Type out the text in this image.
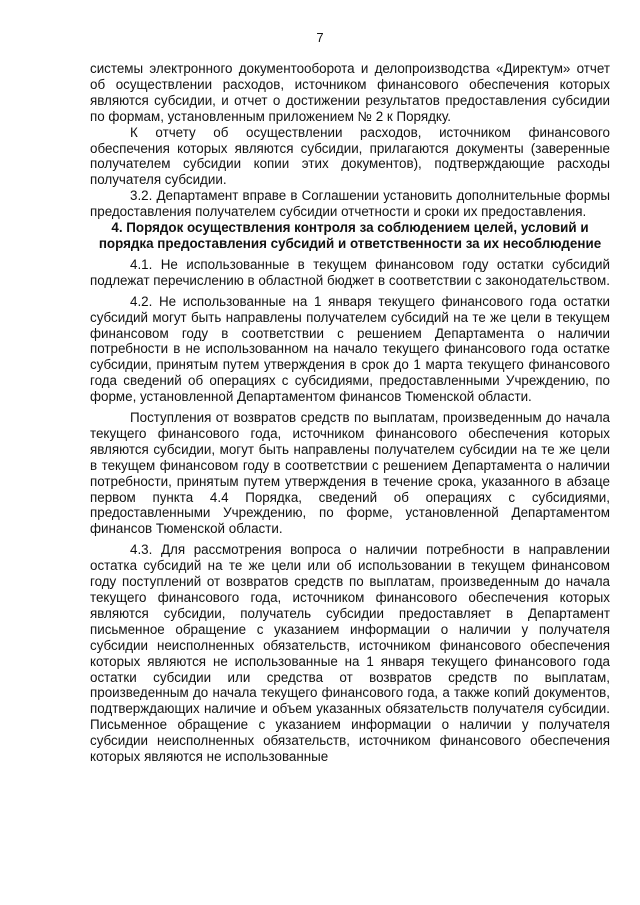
7

системы электронного документооборота и делопроизводства «Директум» отчет об осуществлении расходов, источником финансового обеспечения которых являются субсидии, и отчет о достижении результатов предоставления субсидии по формам, установленным приложением № 2 к Порядку.

К отчету об осуществлении расходов, источником финансового обеспечения которых являются субсидии, прилагаются документы (заверенные получателем субсидии копии этих документов), подтверждающие расходы получателя субсидии.

3.2. Департамент вправе в Соглашении установить дополнительные формы предоставления получателем субсидии отчетности и сроки их предоставления.

4. Порядок осуществления контроля за соблюдением целей, условий и порядка предоставления субсидий и ответственности за их несоблюдение

4.1. Не использованные в текущем финансовом году остатки субсидий подлежат перечислению в областной бюджет в соответствии с законодательством.

4.2. Не использованные на 1 января текущего финансового года остатки субсидий могут быть направлены получателем субсидий на те же цели в текущем финансовом году в соответствии с решением Департамента о наличии потребности в не использованном на начало текущего финансового года остатке субсидии, принятым путем утверждения в срок до 1 марта текущего финансового года сведений об операциях с субсидиями, предоставленными Учреждению, по форме, установленной Департаментом финансов Тюменской области.

Поступления от возвратов средств по выплатам, произведенным до начала текущего финансового года, источником финансового обеспечения которых являются субсидии, могут быть направлены получателем субсидии на те же цели в текущем финансовом году в соответствии с решением Департамента о наличии потребности, принятым путем утверждения в течение срока, указанного в абзаце первом пункта 4.4 Порядка, сведений об операциях с субсидиями, предоставленными Учреждению, по форме, установленной Департаментом финансов Тюменской области.

4.3. Для рассмотрения вопроса о наличии потребности в направлении остатка субсидий на те же цели или об использовании в текущем финансовом году поступлений от возвратов средств по выплатам, произведенным до начала текущего финансового года, источником финансового обеспечения которых являются субсидии, получатель субсидии предоставляет в Департамент письменное обращение с указанием информации о наличии у получателя субсидии неисполненных обязательств, источником финансового обеспечения которых являются не использованные на 1 января текущего финансового года остатки субсидии или средства от возвратов средств по выплатам, произведенным до начала текущего финансового года, а также копий документов, подтверждающих наличие и объем указанных обязательств получателя субсидии. Письменное обращение с указанием информации о наличии у получателя субсидии неисполненных обязательств, источником финансового обеспечения которых являются не использованные
